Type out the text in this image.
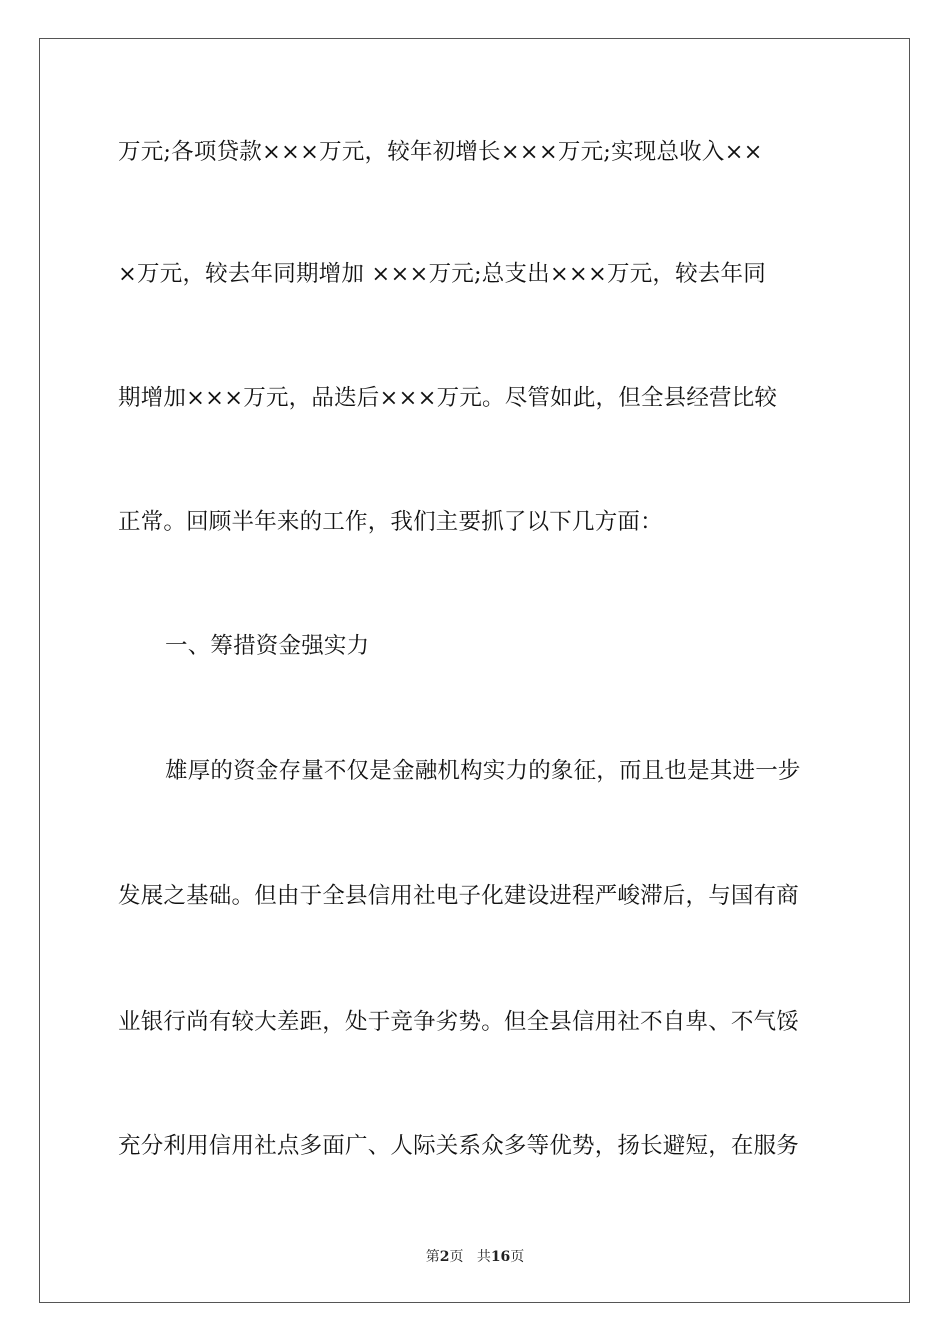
万元;各项贷款×××万元，较年初增长×××万元;实现总收入××
×万元，较去年同期增加 ×××万元;总支出×××万元，较去年同
期增加×××万元，品迭后×××万元。尽管如此，但全县经营比较
正常。回顾半年来的工作，我们主要抓了以下几方面：
一、筹措资金强实力
雄厚的资金存量不仅是金融机构实力的象征，而且也是其进一步
发展之基础。但由于全县信用社电子化建设进程严峻滞后，与国有商
业银行尚有较大差距，处于竞争劣势。但全县信用社不自卑、不气馁
充分利用信用社点多面广、人际关系众多等优势，扬长避短，在服务
第2页 共16页
